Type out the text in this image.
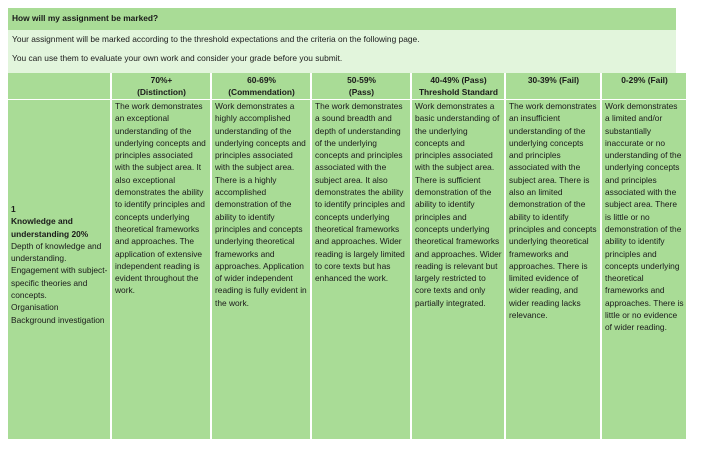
How will my assignment be marked?

Your assignment will be marked according to the threshold expectations and the criteria on the following page.

You can use them to evaluate your own work and consider your grade before you submit.

70%+
(Distinction)
60-69%
(Commendation)
50-59%
(Pass)
40-49% (Pass)
Threshold Standard
30-39% (Fail)	0-29% (Fail)
1
Knowledge and understanding 20%
Depth of knowledge and understanding.
Engagement with subject-specific theories and concepts.
Organisation
Background investigation
The work demonstrates an exceptional understanding of the underlying concepts and principles associated with the subject area. It also exceptional demonstrates the ability to identify principles and concepts underlying theoretical frameworks and approaches. The application of extensive independent reading is evident throughout the work.
Work demonstrates a highly accomplished understanding of the underlying concepts and principles associated with the subject area. There is a highly accomplished demonstration of the ability to identify principles and concepts underlying theoretical frameworks and approaches. Application of wider independent reading is fully evident in the work.
The work demonstrates a sound breadth and depth of understanding of the underlying concepts and principles associated with the subject area. It also demonstrates the ability to identify principles and concepts underlying theoretical frameworks and approaches. Wider reading is largely limited to core texts but has enhanced the work.
Work demonstrates a basic understanding of the underlying concepts and principles associated with the subject area. There is sufficient demonstration of the ability to identify principles and concepts underlying theoretical frameworks and approaches. Wider reading is relevant but largely restricted to core texts and only partially integrated.
The work demonstrates an insufficient understanding of the underlying concepts and principles associated with the subject area. There is also an limited demonstration of the ability to identify principles and concepts underlying theoretical frameworks and approaches. There is limited evidence of wider reading, and wider reading lacks relevance.
Work demonstrates a limited and/or substantially inaccurate or no understanding of the underlying concepts and principles associated with the subject area. There is little or no demonstration of the ability to identify principles and concepts underlying theoretical frameworks and approaches. There is little or no evidence of wider reading.
